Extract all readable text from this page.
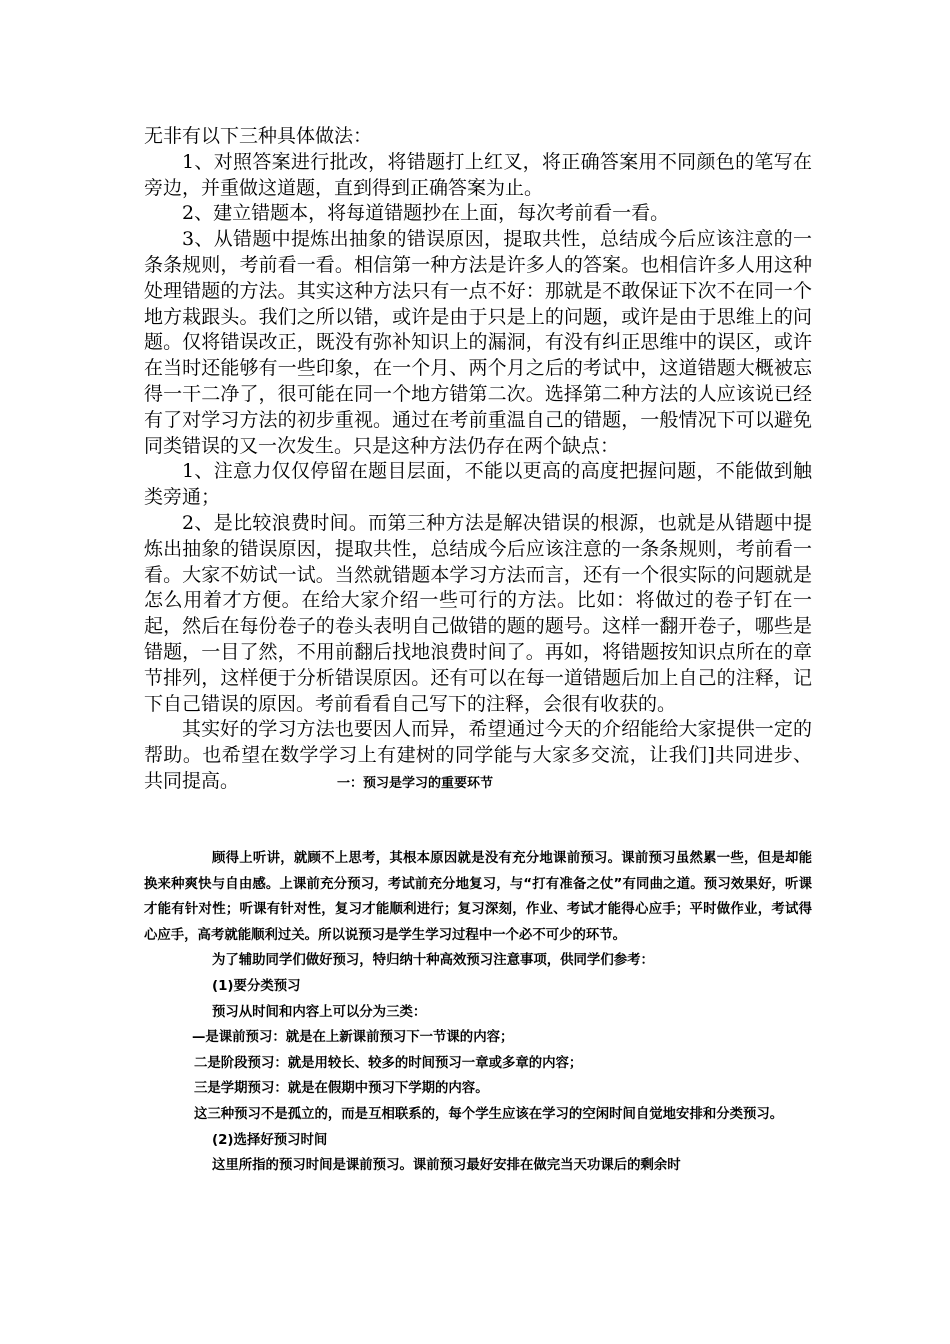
无非有以下三种具体做法：

1、对照答案进行批改，将错题打上红叉，将正确答案用不同颜色的笔写在旁边，并重做这道题，直到得到正确答案为止。

2、建立错题本，将每道错题抄在上面，每次考前看一看。

3、从错题中提炼出抽象的错误原因，提取共性，总结成今后应该注意的一条条规则，考前看一看。相信第一种方法是许多人的答案。也相信许多人用这种处理错题的方法。其实这种方法只有一点不好：那就是不敢保证下次不在同一个地方栽跟头。我们之所以错，或许是由于只是上的问题，或许是由于思维上的问题。仅将错误改正，既没有弥补知识上的漏洞，有没有纠正思维中的误区，或许在当时还能够有一些印象，在一个月、两个月之后的考试中，这道错题大概被忘得一干二净了，很可能在同一个地方错第二次。选择第二种方法的人应该说已经有了对学习方法的初步重视。通过在考前重温自己的错题，一般情况下可以避免同类错误的又一次发生。只是这种方法仍存在两个缺点：

1、注意力仅仅停留在题目层面，不能以更高的高度把握问题，不能做到触类旁通；

2、是比较浪费时间。而第三种方法是解决错误的根源，也就是从错题中提炼出抽象的错误原因，提取共性，总结成今后应该注意的一条条规则，考前看一看。大家不妨试一试。当然就错题本学习方法而言，还有一个很实际的问题就是怎么用着才方便。在给大家介绍一些可行的方法。比如：将做过的卷子钉在一起，然后在每份卷子的卷头表明自己做错的题的题号。这样一翻开卷子，哪些是错题，一目了然，不用前翻后找地浪费时间了。再如，将错题按知识点所在的章节排列，这样便于分析错误原因。还有可以在每一道错题后加上自己的注释，记下自己错误的原因。考前看看自己写下的注释，会很有收获的。

其实好的学习方法也要因人而异，希望通过今天的介绍能给大家提供一定的帮助。也希望在数学学习上有建树的同学能与大家多交流，让我们]共同进步、共同提高。	一：预习是学习的重要环节

顾得上听讲，就顾不上思考，其根本原因就是没有充分地课前预习。课前预习虽然累一些，但是却能换来种爽快与自由感。上课前充分预习，考试前充分地复习，与“打有准备之仗”有同曲之道。预习效果好，听课才能有针对性；听课有针对性，复习才能顺利进行；复习深刻，作业、考试才能得心应手；平时做作业，考试得心应手，高考就能顺利过关。所以说预习是学生学习过程中一个必不可少的环节。

为了辅助同学们做好预习，特归纳十种高效预习注意事项，供同学们参考：

(1)要分类预习

预习从时间和内容上可以分为三类：

—是课前预习：就是在上新课前预习下一节课的内容；

二是阶段预习：就是用较长、较多的时间预习一章或多章的内容；

三是学期预习：就是在假期中预习下学期的内容。

这三种预习不是孤立的，而是互相联系的，每个学生应该在学习的空闲时间自觉地安排和分类预习。

(2)选择好预习时间

这里所指的预习时间是课前预习。课前预习最好安排在做完当天功课后的剩余时
